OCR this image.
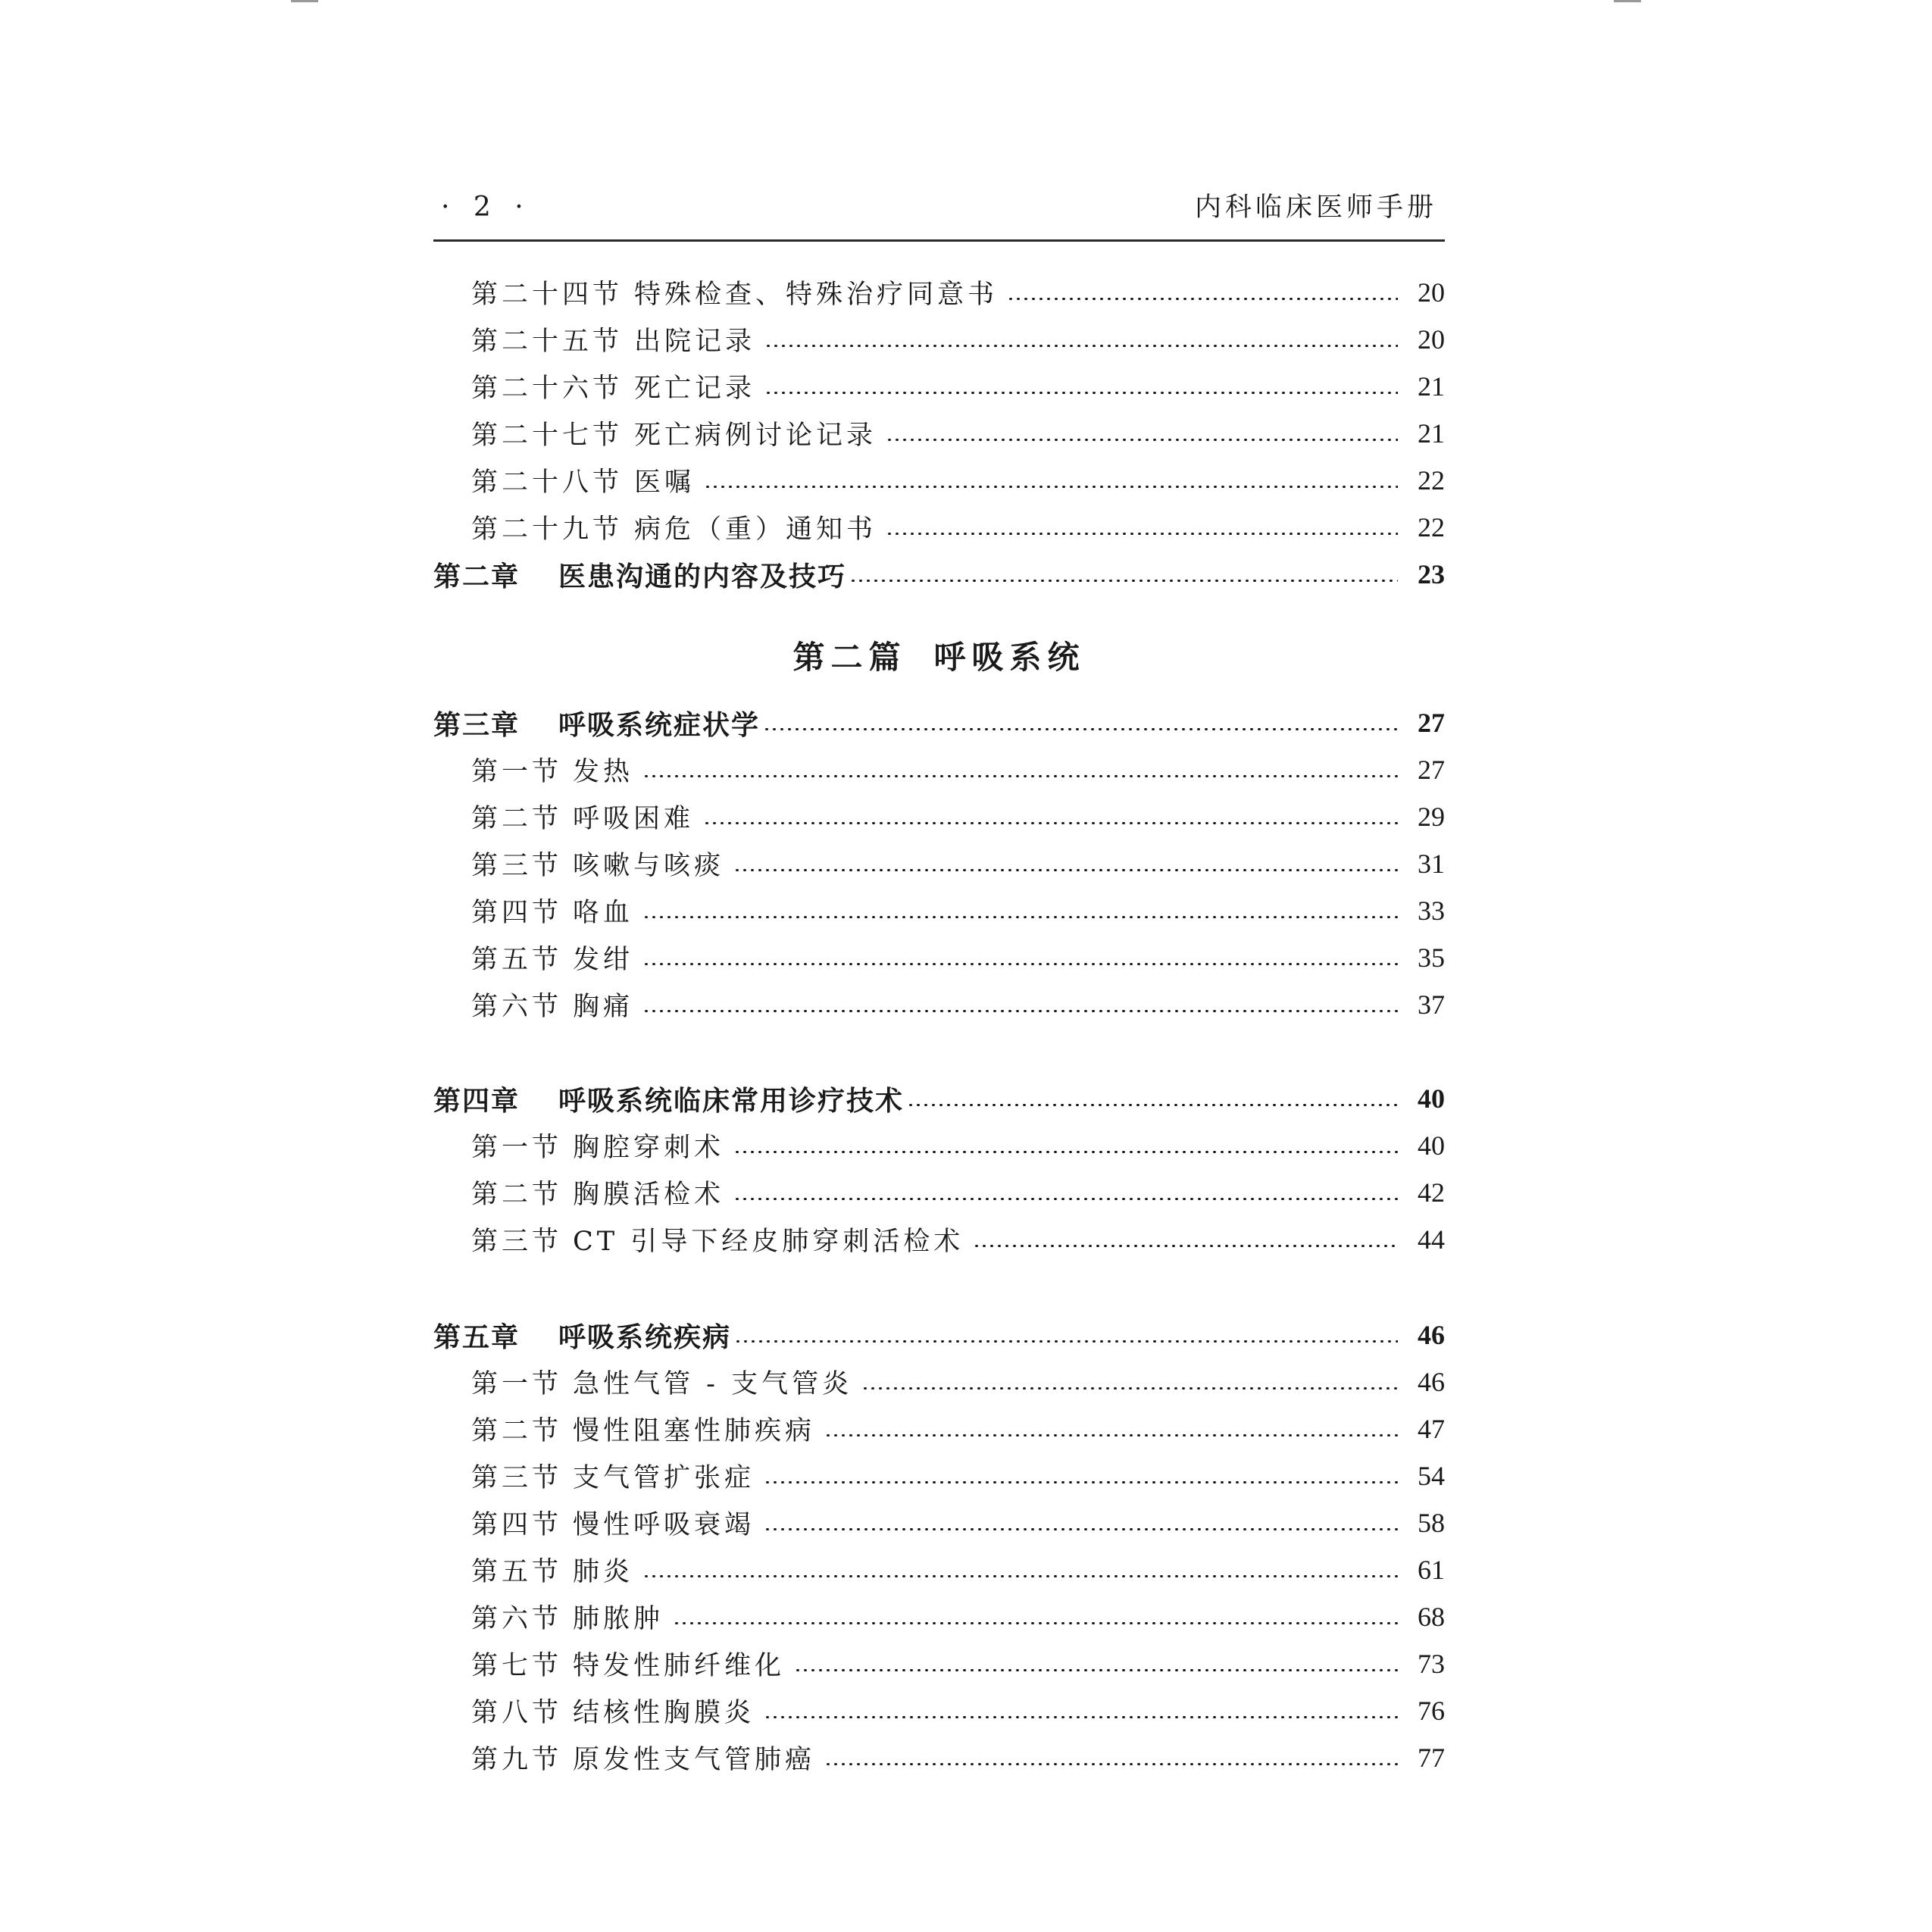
· 2 ·	内科临床医师手册
第二十四节 特殊检查、特殊治疗同意书	20
第二十五节 出院记录	20
第二十六节 死亡记录	21
第二十七节 死亡病例讨论记录	21
第二十八节 医嘱	22
第二十九节 病危（重）通知书	22
第二章	医患沟通的内容及技巧	23
第二篇 呼吸系统
第三章	呼吸系统症状学	27
第一节 发热	27
第二节 呼吸困难	29
第三节 咳嗽与咳痰	31
第四节 咯血	33
第五节 发绀	35
第六节 胸痛	37
第四章	呼吸系统临床常用诊疗技术	40
第一节 胸腔穿刺术	40
第二节 胸膜活检术	42
第三节 CT 引导下经皮肺穿刺活检术	44
第五章	呼吸系统疾病	46
第一节 急性气管 - 支气管炎	46
第二节 慢性阻塞性肺疾病	47
第三节 支气管扩张症	54
第四节 慢性呼吸衰竭	58
第五节 肺炎	61
第六节 肺脓肿	68
第七节 特发性肺纤维化	73
第八节 结核性胸膜炎	76
第九节 原发性支气管肺癌	77
